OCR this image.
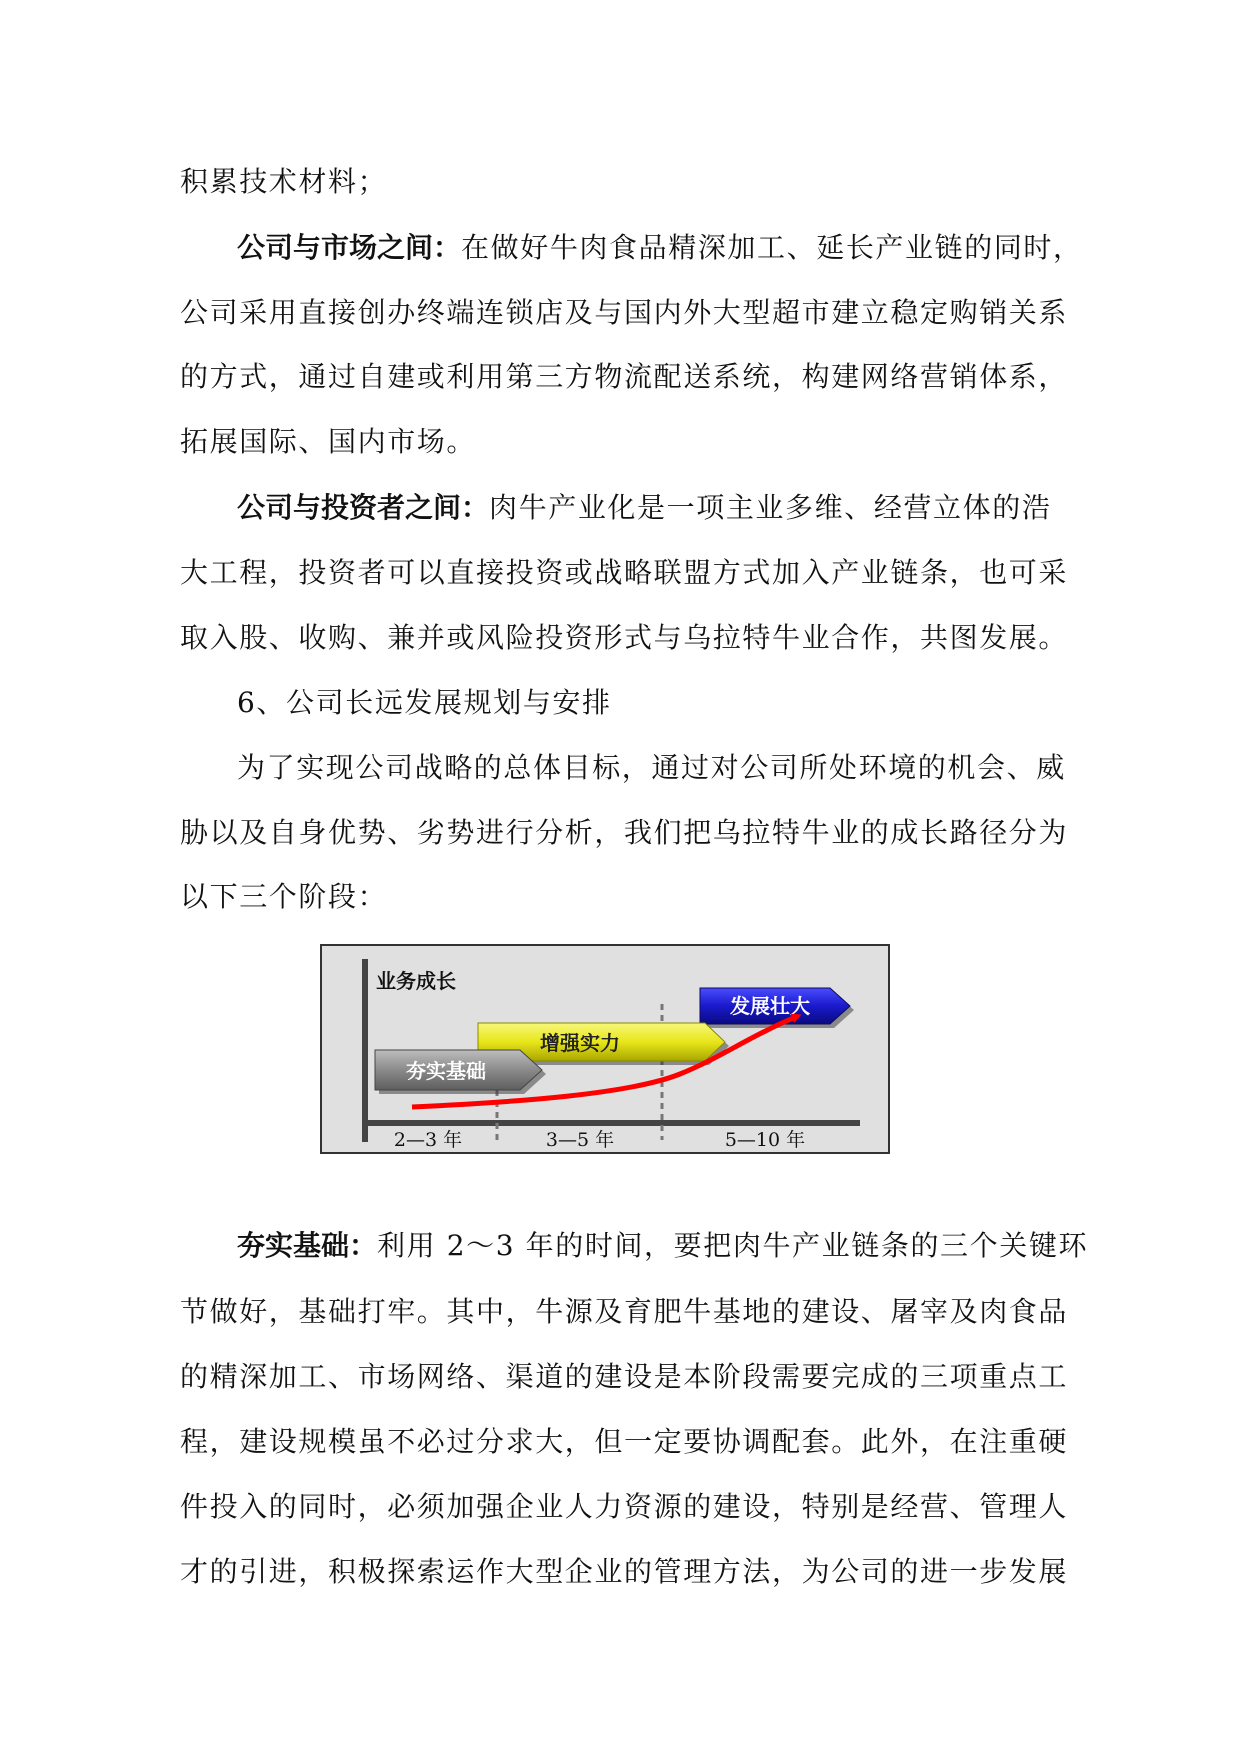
积累技术材料；
公司与市场之间：在做好牛肉食品精深加工、延长产业链的同时，
公司采用直接创办终端连锁店及与国内外大型超市建立稳定购销关系
的方式，通过自建或利用第三方物流配送系统，构建网络营销体系，
拓展国际、国内市场。
公司与投资者之间：肉牛产业化是一项主业多维、经营立体的浩
大工程，投资者可以直接投资或战略联盟方式加入产业链条，也可采
取入股、收购、兼并或风险投资形式与乌拉特牛业合作，共图发展。
6、公司长远发展规划与安排
为了实现公司战略的总体目标，通过对公司所处环境的机会、威
胁以及自身优势、劣势进行分析，我们把乌拉特牛业的成长路径分为
以下三个阶段：
业务成长
发展壮大
增强实力
夯实基础
2—3 年	3—5 年	5—10 年
夯实基础：利用 2～3 年的时间，要把肉牛产业链条的三个关键环
节做好，基础打牢。其中，牛源及育肥牛基地的建设、屠宰及肉食品
的精深加工、市场网络、渠道的建设是本阶段需要完成的三项重点工
程，建设规模虽不必过分求大，但一定要协调配套。此外，在注重硬
件投入的同时，必须加强企业人力资源的建设，特别是经营、管理人
才的引进，积极探索运作大型企业的管理方法，为公司的进一步发展
